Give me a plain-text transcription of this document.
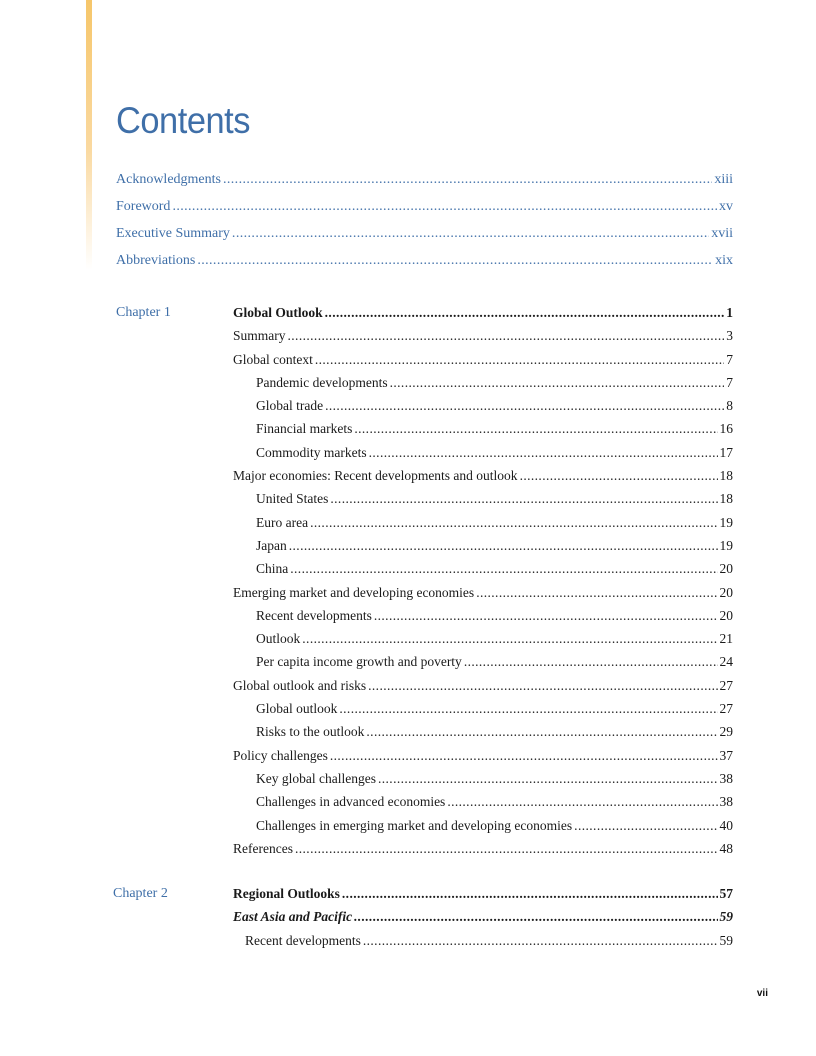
Contents
Acknowledgments .....	xiii
Foreword .....	xv
Executive Summary .....	xvii
Abbreviations .....	xix
Chapter 1	Global Outlook .....	1
Summary .....	3
Global context .....	7
Pandemic developments .....	7
Global trade .....	8
Financial markets .....	16
Commodity markets .....	17
Major economies: Recent developments and outlook .....	18
United States .....	18
Euro area .....	19
Japan .....	19
China .....	20
Emerging market and developing economies .....	20
Recent developments .....	20
Outlook .....	21
Per capita income growth and poverty .....	24
Global outlook and risks .....	27
Global outlook .....	27
Risks to the outlook .....	29
Policy challenges .....	37
Key global challenges .....	38
Challenges in advanced economies .....	38
Challenges in emerging market and developing economies .....	40
References .....	48
Chapter 2	Regional Outlooks .....	57
East Asia and Pacific .....	59
Recent developments .....	59
vii
